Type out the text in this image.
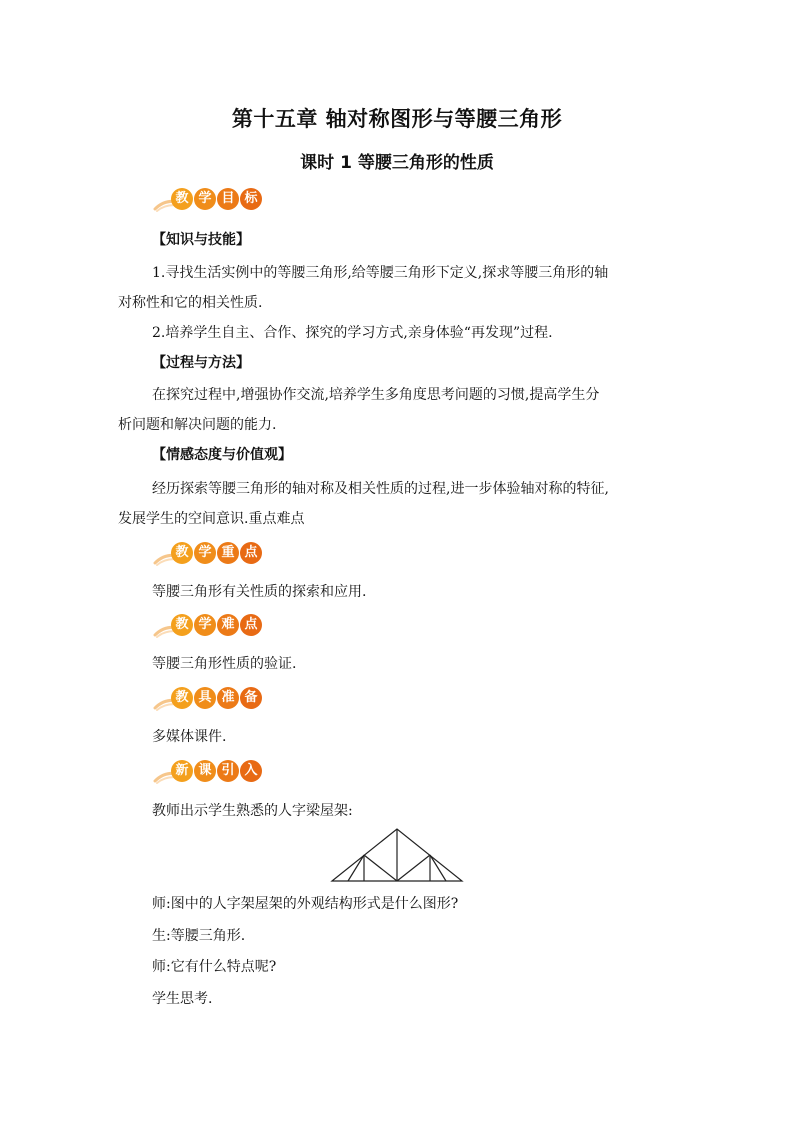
第十五章 轴对称图形与等腰三角形
课时 1 等腰三角形的性质
教 学 目 标
【知识与技能】
1.寻找生活实例中的等腰三角形,给等腰三角形下定义,探求等腰三角形的轴
对称性和它的相关性质.
2.培养学生自主、合作、探究的学习方式,亲身体验“再发现”过程.
【过程与方法】
在探究过程中,增强协作交流,培养学生多角度思考问题的习惯,提高学生分
析问题和解决问题的能力.
【情感态度与价值观】
经历探索等腰三角形的轴对称及相关性质的过程,进一步体验轴对称的特征,
发展学生的空间意识.重点难点
教 学 重 点
等腰三角形有关性质的探索和应用.
教 学 难 点
等腰三角形性质的验证.
教 具 准 备
多媒体课件.
新 课 引 入
教师出示学生熟悉的人字梁屋架:
师:图中的人字架屋架的外观结构形式是什么图形?
生:等腰三角形.
师:它有什么特点呢?
学生思考.
